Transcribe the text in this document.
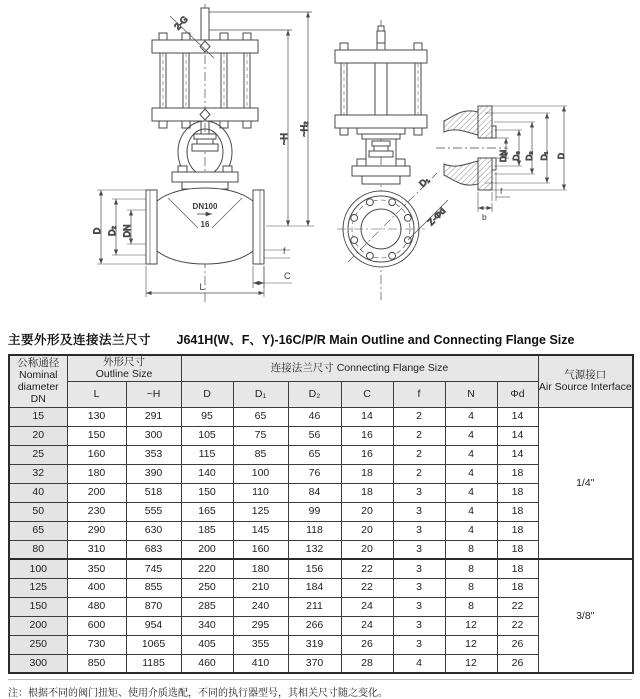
2-G
DN100
16
D D₂ DN
f
C
L
~H
~H₂
D₁
Z-Φd
DN D₆ D₂ D₁ D
f
b
主要外形及连接法兰尺寸 J641H(W、F、Y)-16C/P/R Main Outline and Connecting Flange Size
公称通径
Nominal
diameter
DN

外形尺寸
Outline Size
	连接法兰尺寸 Connecting Flange Size	
气源接口
Air Source Interface

	L	~H	D	D₁	D₂	C	f	N	Φd	
15	130	291	95	65	46	14	2	4	14	1/4"
20	150	300	105	75	56	16	2	4	14	
25	160	353	115	85	65	16	2	4	14	
32	180	390	140	100	76	18	2	4	18	
40	200	518	150	110	84	18	3	4	18	
50	230	555	165	125	99	20	3	4	18	
65	290	630	185	145	118	20	3	4	18	
80	310	683	200	160	132	20	3	8	18	
100	350	745	220	180	156	22	3	8	18	3/8"
125	400	855	250	210	184	22	3	8	18	
150	480	870	285	240	211	24	3	8	22	
200	600	954	340	295	266	24	3	12	22	
250	730	1065	405	355	319	26	3	12	26	
300	850	1185	460	410	370	28	4	12	26	
注：根据不同的阀门扭矩、使用介质选配，不同的执行器型号，其相关尺寸随之变化。
